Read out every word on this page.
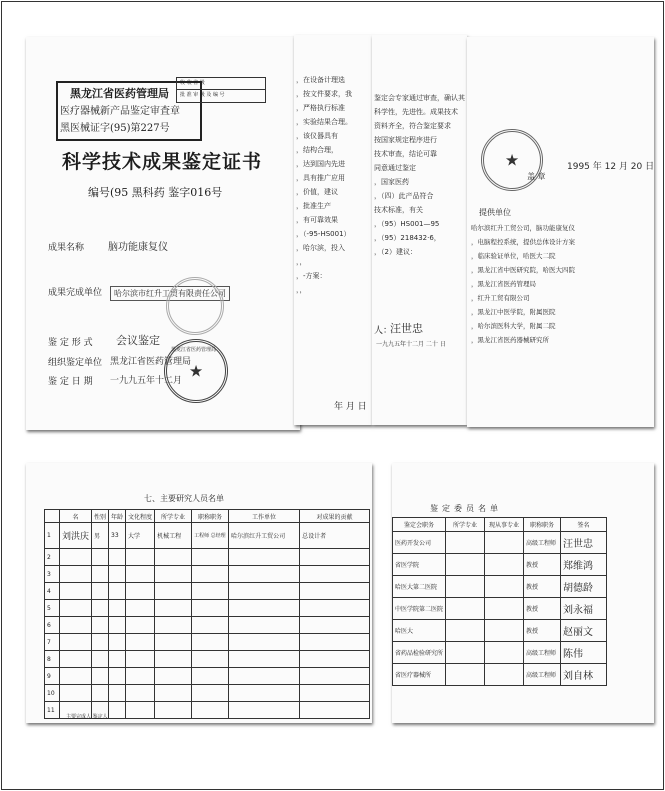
黑龙江省医药管理局
医疗器械新产品鉴定审査章
黑医械证字(95)第227号
收 收 省 级
批 准 审 级 及 编 号
科学技术成果鉴定证书
编号(95 黑科药 鉴字016号
成果名称 脑功能康复仪
成果完成单位	哈尔滨市红升工贸有限责任公司
鉴 定 形 式 会议鉴定
组织鉴定单位 黑龙江省医药管理局
鉴 定 日 期 一九九五年十二月
★
黑龙江省医药管理局
，在设备计理选
，按文件要求，我
，严格执行标准
，实验结果合理。
，该仪器具有
，结构合理，
，达到国内先进
，具有推广应用
，价值，建议
，批准生产
，有可靠效果
，（-95-HS001）
，哈尔滨，投入
，，
，-方案：
，，
年 月 日
鉴定会专家通过审查，确认其
科学性，先进性。成果技术
资料齐全，符合鉴定要求
按国家规定程序进行
技术审查，结论可靠
同意通过鉴定
，国家医药
，（四）此产品符合
技术标准，有关
，（95）HS001—95
，（95）218432·6，
，（2）建议：
人：
汪世忠
一九九五年十二月 二十 日
★
盖 章
1995 年 12 月 20 日
提供单位
哈尔滨红升工贸公司，脑功能康复仪
，电脑程控系统，提供总体设计方案
，临床验证单位，哈医大二院
，黑龙江省中医研究院，哈医大四院
，黑龙江省医药管理局
，红升工贸有限公司
，黑龙江中医学院，附属医院
，哈尔滨医科大学，附属二院
，黑龙江省医药器械研究所
七、主要研究人员名单
	名	性别	年龄	文化程度	所学专业	职称职务	工作单位	对成果的贡献
1	刘洪庆	男	33	大学	机械工程	工程师 总经理	哈尔滨红升工贸公司	总设计者
2								
3								
4								
5								
6								
7								
8								
9								
10								
11								
主要完成人 鉴定人
鉴定委员名单
鉴定会职务	所学专业	现从事专业	职称职务	签名
医药开发公司			高级工程师	汪世忠
省医学院			教授	郑维鸿
哈医大第二医院			教授	胡德龄
中医学院第二医院			教授	刘永福
哈医大			教授	赵丽文
省药品检验研究所			高级工程师	陈伟
省医疗器械所			高级工程师	刘自林
